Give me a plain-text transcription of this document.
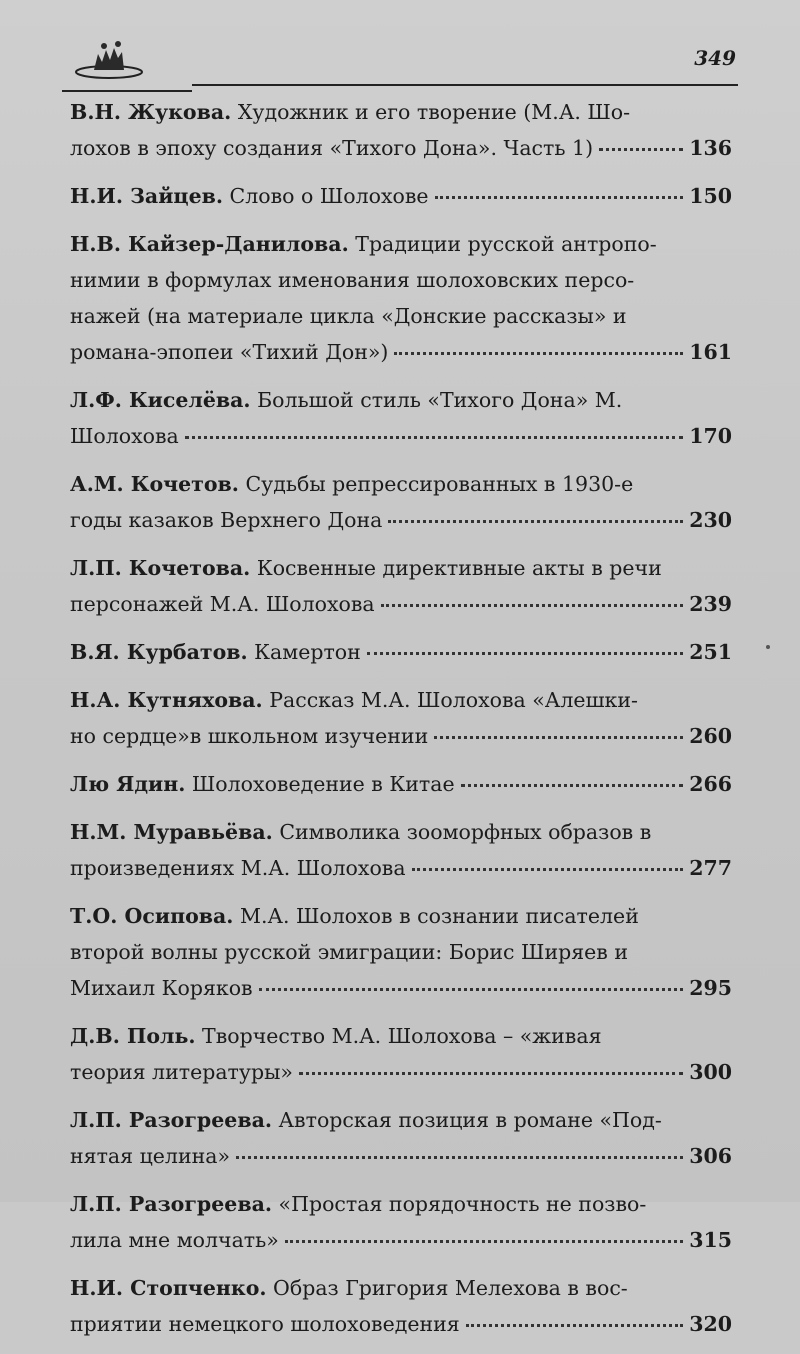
349
В.Н. Жукова. Художник и его творение (М.А. Шо-
лохов в эпоху создания «Тихого Дона». Часть 1)	136
Н.И. Зайцев.
Слово о Шолохове	150
Н.В. Кайзер-Данилова. Традиции русской антропо-
нимии в формулах именования шолоховских персо-
нажей (на материале цикла «Донские рассказы» и
романа-эпопеи «Тихий Дон»)	161
Л.Ф. Киселёва. Большой стиль «Тихого Дона» М.
Шолохова	170
А.М. Кочетов. Судьбы репрессированных в 1930-е
годы казаков Верхнего Дона	230
Л.П. Кочетова. Косвенные директивные акты в речи
персонажей М.А. Шолохова	239
В.Я. Курбатов.
Камертон	251
Н.А. Кутняхова. Рассказ М.А. Шолохова «Алешки-
но сердце»в школьном изучении	260
Лю Ядин.
Шолоховедение в Китае	266
Н.М. Муравьёва. Символика зооморфных образов в
произведениях М.А. Шолохова	277
Т.О. Осипова. М.А. Шолохов в сознании писателей
второй волны русской эмиграции: Борис Ширяев и
Михаил Коряков	295
Д.В. Поль. Творчество М.А. Шолохова – «живая
теория литературы»	300
Л.П. Разогреева. Авторская позиция в романе «Под-
нятая целина»	306
Л.П. Разогреева. «Простая порядочность не позво-
лила мне молчать»	315
Н.И. Стопченко. Образ Григория Мелехова в вос-
приятии немецкого шолоховедения	320
